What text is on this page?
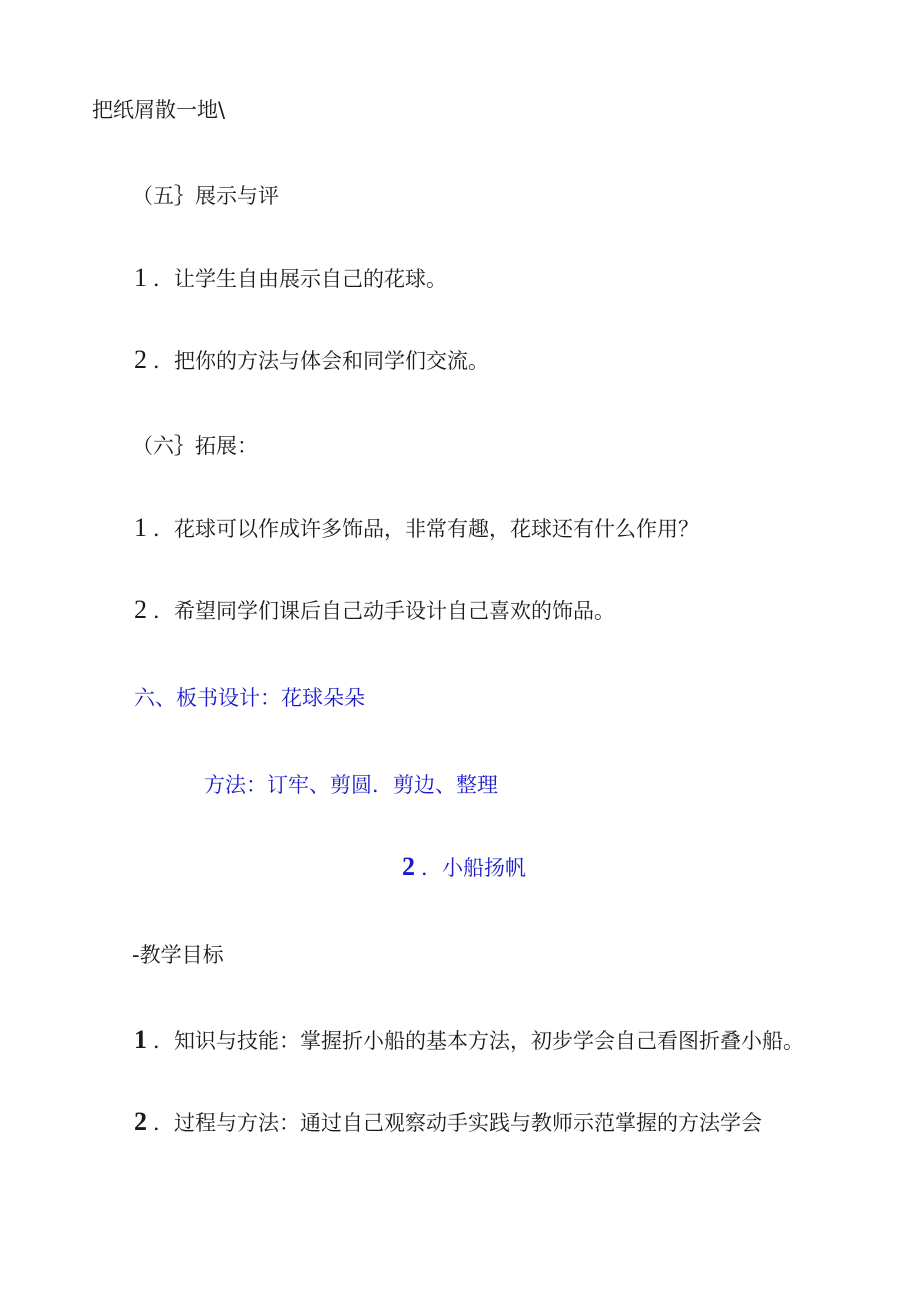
把纸屑散一地\
（五｝展示与评
1 ．让学生自由展示自己的花球。
2 ．把你的方法与体会和同学们交流。
（六｝拓展：
1 ．花球可以作成许多饰品，非常有趣，花球还有什么作用？
2 ．希望同学们课后自己动手设计自己喜欢的饰品。
六、板书设计：花球朵朵
方法：订牢、剪圆．剪边、整理
2 ．小船扬帆
-教学目标
1 ．知识与技能：掌握折小船的基本方法，初步学会自己看图折叠小船。
2 ．过程与方法：通过自己观察动手实践与教师示范掌握的方法学会
